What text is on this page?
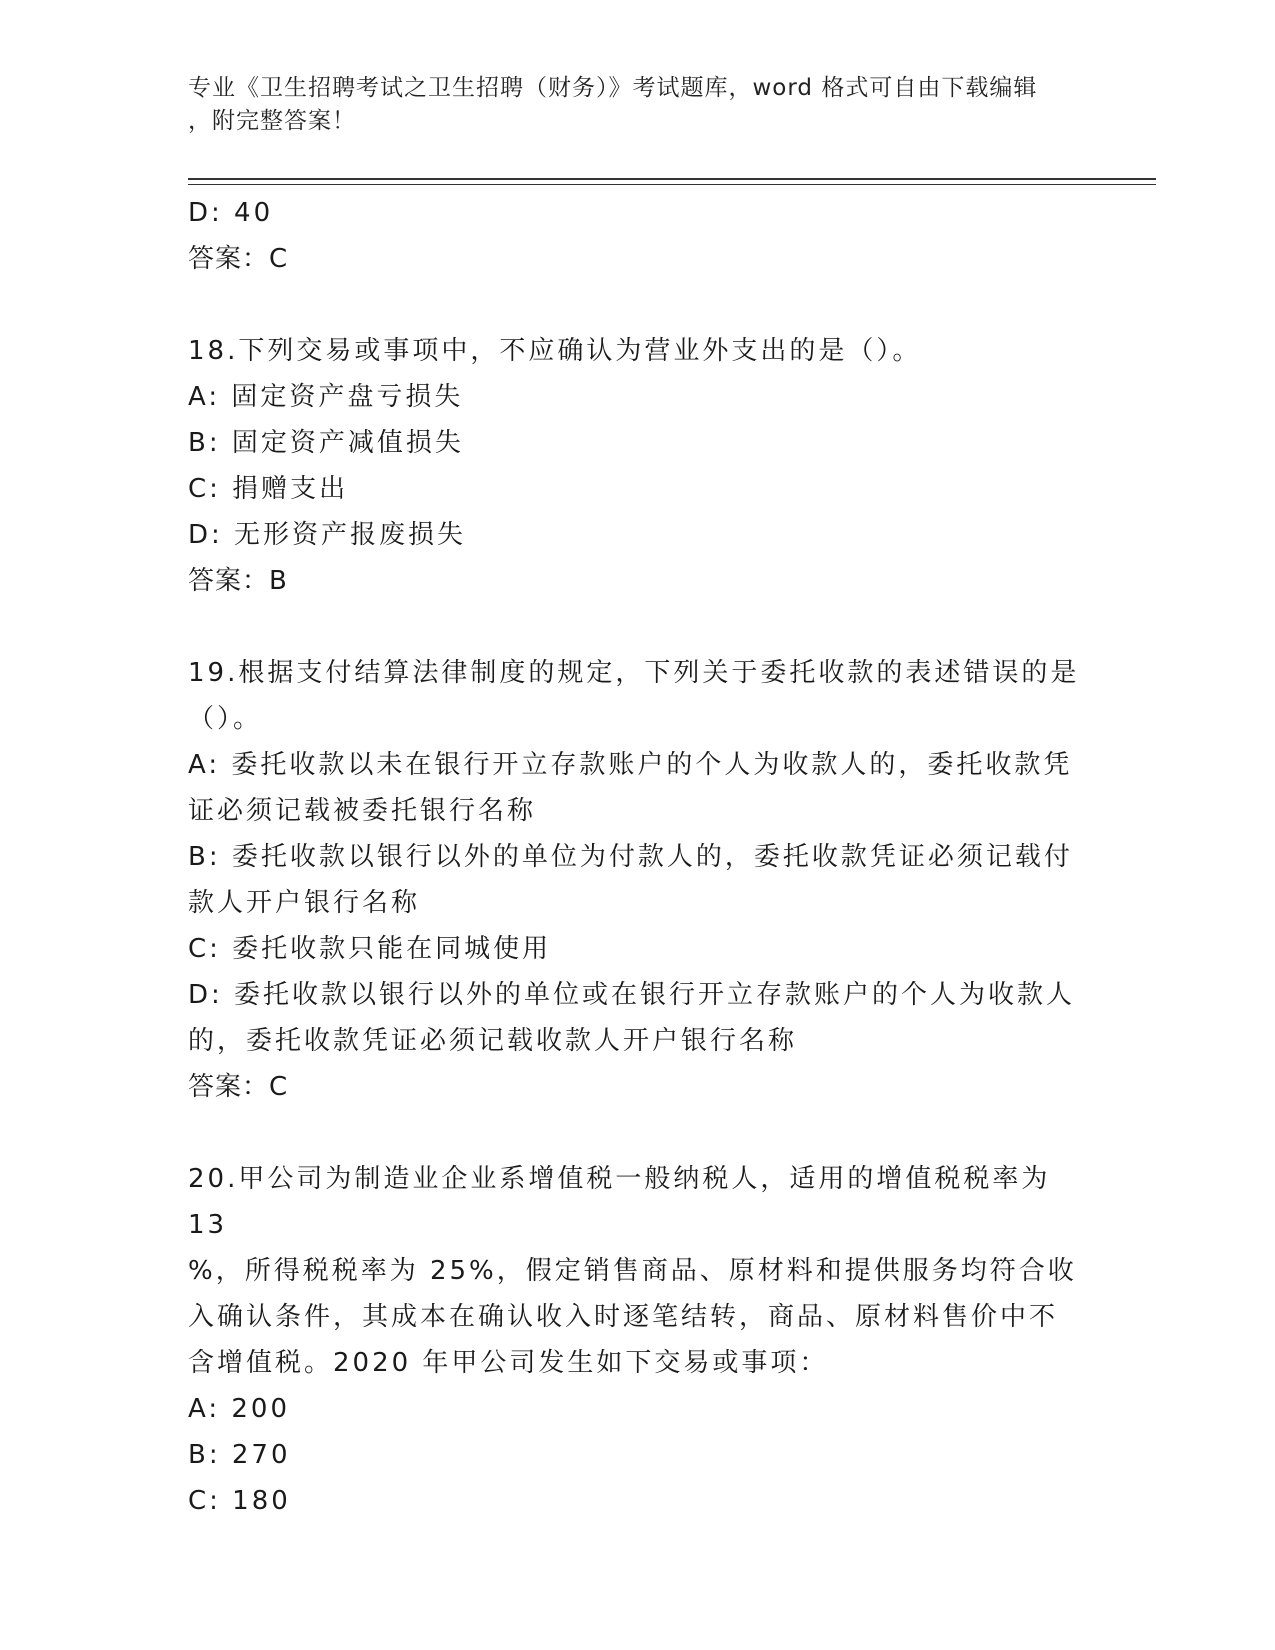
专业《卫生招聘考试之卫生招聘（财务）》考试题库，word 格式可自由下载编辑
，附完整答案！

D: 40

答案：C

18.下列交易或事项中，不应确认为营业外支出的是（）。

A: 固定资产盘亏损失

B: 固定资产减值损失

C: 捐赠支出

D: 无形资产报废损失

答案：B

19.根据支付结算法律制度的规定，下列关于委托收款的表述错误的是

（）。

A: 委托收款以未在银行开立存款账户的个人为收款人的，委托收款凭

证必须记载被委托银行名称

B: 委托收款以银行以外的单位为付款人的，委托收款凭证必须记载付

款人开户银行名称

C: 委托收款只能在同城使用

D: 委托收款以银行以外的单位或在银行开立存款账户的个人为收款人

的，委托收款凭证必须记载收款人开户银行名称

答案：C

20.甲公司为制造业企业系增值税一般纳税人，适用的增值税税率为 13

%，所得税税率为 25%，假定销售商品、原材料和提供服务均符合收

入确认条件，其成本在确认收入时逐笔结转，商品、原材料售价中不

含增值税。2020 年甲公司发生如下交易或事项：

A: 200

B: 270

C: 180
